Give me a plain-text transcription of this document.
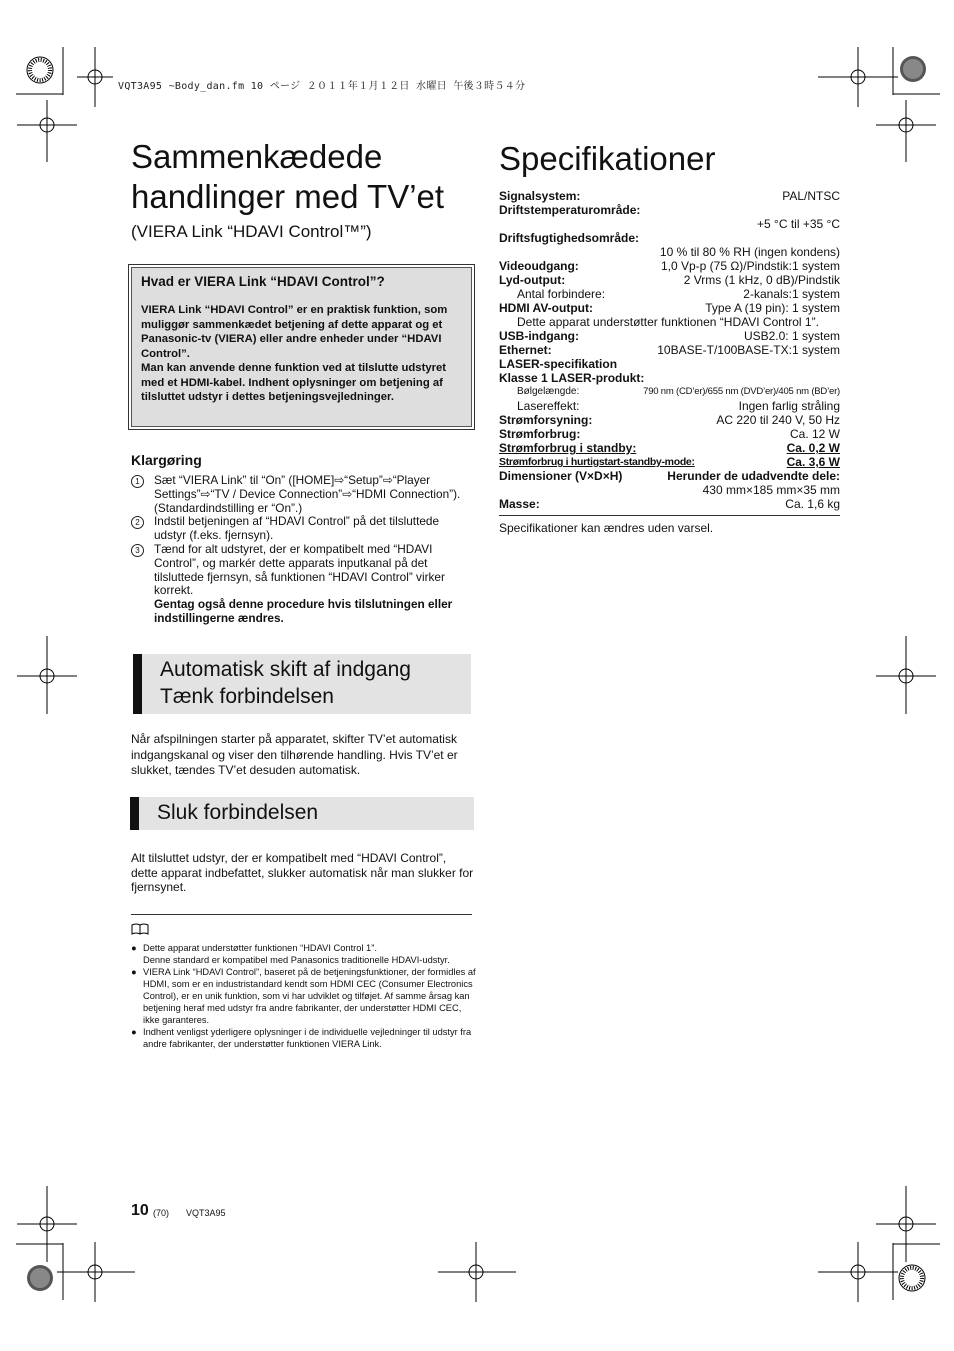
VQT3A95 ~Body_dan.fm 10 ページ ２０１１年１月１２日 水曜日 午後３時５４分
Sammenkædede handlinger med TV’et
(VIERA Link “HDAVI Control™”)
Hvad er VIERA Link “HDAVI Control”?

VIERA Link “HDAVI Control” er en praktisk funktion, som muliggør sammenkædet betjening af dette apparat og et Panasonic-tv (VIERA) eller andre enheder under “HDAVI Control”.

Man kan anvende denne funktion ved at tilslutte udstyret med et HDMI-kabel. Indhent oplysninger om betjening af tilsluttet udstyr i dettes betjeningsvejledninger.

Klargøring
1	Sæt “VIERA Link” til “On” ([HOME]⇨“Setup”⇨“Player Settings”⇨“TV / Device Connection”⇨“HDMI Connection”).

(Standardindstilling er “On”.)

2	Indstil betjeningen af “HDAVI Control” på det tilsluttede udstyr (f.eks. fjernsyn).

3	Tænd for alt udstyret, der er kompatibelt med “HDAVI Control”, og markér dette apparats inputkanal på det tilsluttede fjernsyn, så funktionen “HDAVI Control” virker korrekt.

Gentag også denne procedure hvis tilslutningen eller indstillingerne ændres.

Automatisk skift af indgang
Tænk forbindelsen
Når afspilningen starter på apparatet, skifter TV’et automatisk indgangskanal og viser den tilhørende handling. Hvis TV’et er slukket, tændes TV’et desuden automatisk.
Sluk forbindelsen
Alt tilsluttet udstyr, der er kompatibelt med “HDAVI Control”, dette apparat indbefattet, slukker automatisk når man slukker for fjernsynet.
● Dette apparat understøtter funktionen “HDAVI Control 1”.

Denne standard er kompatibel med Panasonics traditionelle HDAVI-udstyr.

● VIERA Link “HDAVI Control”, baseret på de betjeningsfunktioner, der formidles af HDMI, som er en industristandard kendt som HDMI CEC (Consumer Electronics Control), er en unik funktion, som vi har udviklet og tilføjet. Af samme årsag kan betjening heraf med udstyr fra andre fabrikanter, der understøtter HDMI CEC, ikke garanteres.

● Indhent venligst yderligere oplysninger i de individuelle vejledninger til udstyr fra andre fabrikanter, der understøtter funktionen VIERA Link.

Specifikationer
Signalsystem:	PAL/NTSC
Driftstemperaturområde:
+5 °C til +35 °C
Driftsfugtighedsområde:
10 % til 80 % RH (ingen kondens)
Videoudgang:	1,0 Vp-p (75 Ω)/Pindstik:1 system
Lyd-output:	2 Vrms (1 kHz, 0 dB)/Pindstik
Antal forbindere:	2-kanals:1 system
HDMI AV-output:	Type A (19 pin): 1 system
Dette apparat understøtter funktionen “HDAVI Control 1”.
USB-indgang:	USB2.0: 1 system
Ethernet:	10BASE-T/100BASE-TX:1 system
LASER-specifikation
Klasse 1 LASER-produkt:
Bølgelængde:	790 nm (CD’er)/655 nm (DVD’er)/405 nm (BD’er)
Lasereffekt:	Ingen farlig stråling
Strømforsyning:	AC 220 til 240 V, 50 Hz
Strømforbrug:	Ca. 12 W
Strømforbrug i standby:	Ca. 0,2 W
Strømforbrug i hurtigstart-standby-mode:	Ca. 3,6 W
Dimensioner (V×D×H)	Herunder de udadvendte dele:
430 mm×185 mm×35 mm
Masse:	Ca. 1,6 kg
Specifikationer kan ændres uden varsel.
10 (70) VQT3A95
